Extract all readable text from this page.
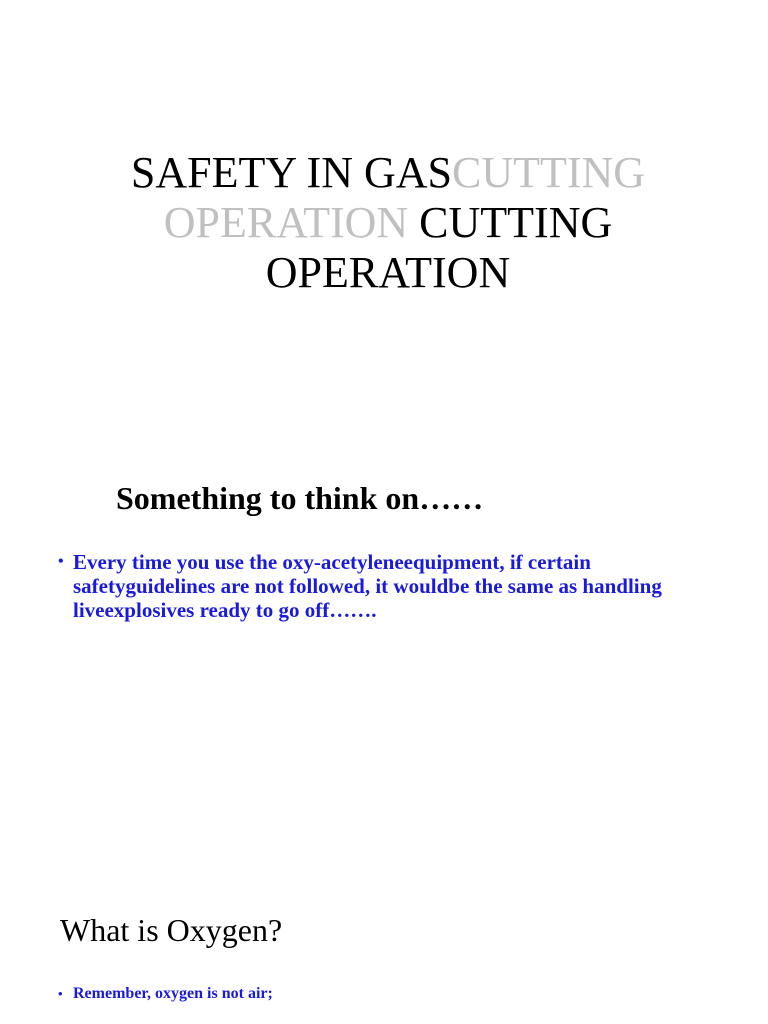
SAFETY IN GASCUTTING
OPERATION CUTTING
OPERATION
Something to think on……
• Every time you use the oxy-acetyleneequipment, if certain
safetyguidelines are not followed, it wouldbe the same as handling
liveexplosives ready to go off…….
What is Oxygen?
• Remember, oxygen is not air;
